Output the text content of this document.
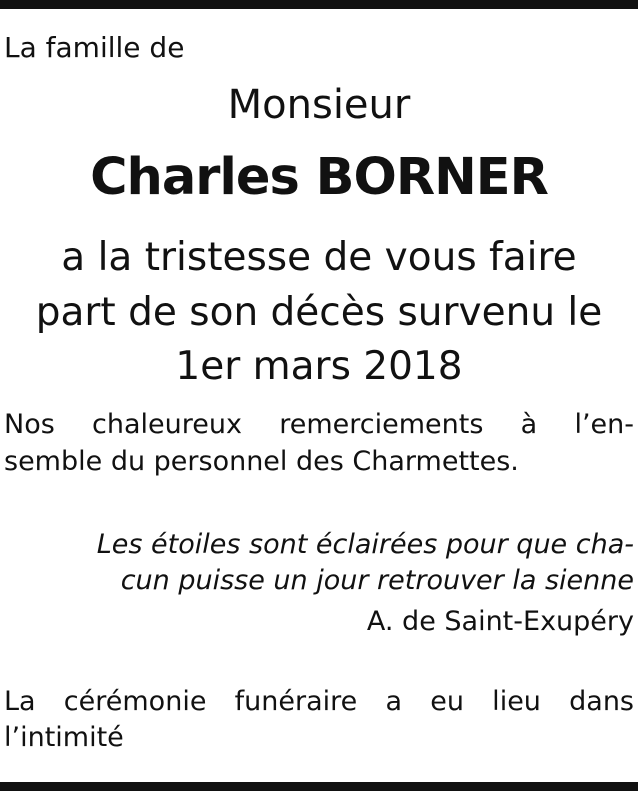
La famille de
Monsieur
Charles BORNER
a la tristesse de vous faire
part de son décès survenu le
1er mars 2018
Nos chaleureux remerciements à l’en-
semble du personnel des Charmettes.
Les étoiles sont éclairées pour que cha-
cun puisse un jour retrouver la sienne
A. de Saint-Exupéry
La cérémonie funéraire a eu lieu dans
l’intimité
